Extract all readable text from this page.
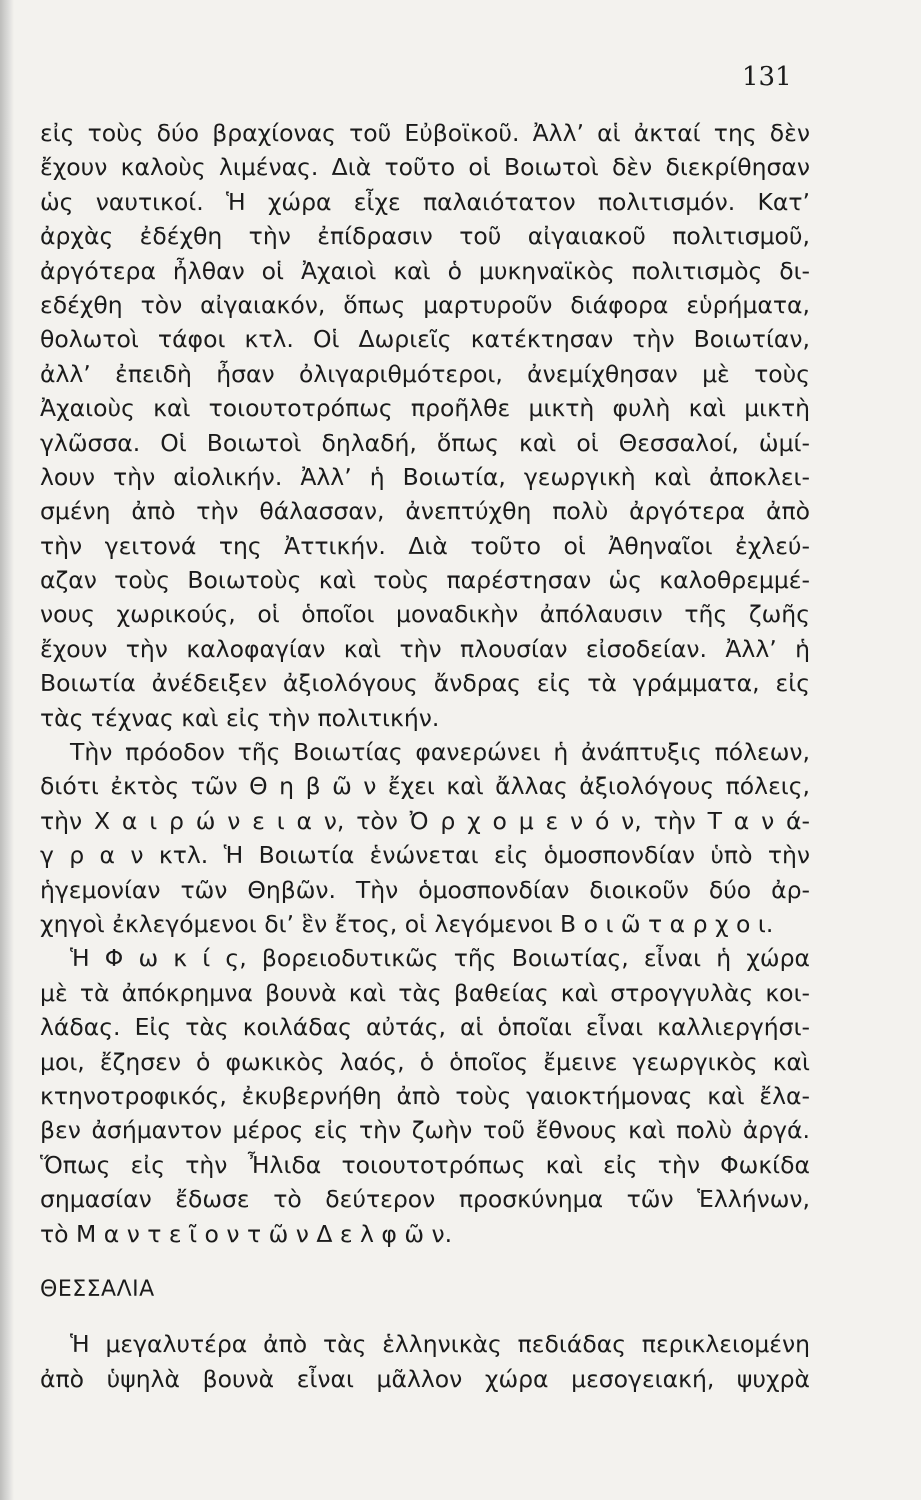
131
εἰς τοὺς δύο βραχίονας τοῦ Εὐβοϊκοῦ. Ἀλλʼ αἱ ἀκταί της δὲν
ἔχουν καλοὺς λιμένας. Διὰ τοῦτο οἱ Βοιωτοὶ δὲν διεκρίθησαν
ὡς ναυτικοί. Ἡ χώρα εἶχε παλαιότατον πολιτισμόν. Κατʼ
ἀρχὰς ἐδέχθη τὴν ἐπίδρασιν τοῦ αἰγαιακοῦ πολιτισμοῦ,
ἀργότερα ἦλθαν οἱ Ἀχαιοὶ καὶ ὁ μυκηναϊκὸς πολιτισμὸς δι-
εδέχθη τὸν αἰγαιακόν, ὅπως μαρτυροῦν διάφορα εὑρήματα,
θολωτοὶ τάφοι κτλ. Οἱ Δωριεῖς κατέκτησαν τὴν Βοιωτίαν,
ἀλλʼ ἐπειδὴ ἦσαν ὀλιγαριθμότεροι, ἀνεμίχθησαν μὲ τοὺς
Ἀχαιοὺς καὶ τοιουτοτρόπως προῆλθε μικτὴ φυλὴ καὶ μικτὴ
γλῶσσα. Οἱ Βοιωτοὶ δηλαδή, ὅπως καὶ οἱ Θεσσαλοί, ὡμί-
λουν τὴν αἰολικήν. Ἀλλʼ ἡ Βοιωτία, γεωργικὴ καὶ ἀποκλει-
σμένη ἀπὸ τὴν θάλασσαν, ἀνεπτύχθη πολὺ ἀργότερα ἀπὸ
τὴν γειτονά της Ἀττικήν. Διὰ τοῦτο οἱ Ἀθηναῖοι ἐχλεύ-
αζαν τοὺς Βοιωτοὺς καὶ τοὺς παρέστησαν ὡς καλοθρεμμέ-
νους χωρικούς, οἱ ὁποῖοι μοναδικὴν ἀπόλαυσιν τῆς ζωῆς
ἔχουν τὴν καλοφαγίαν καὶ τὴν πλουσίαν εἰσοδείαν. Ἀλλʼ ἡ
Βοιωτία ἀνέδειξεν ἀξιολόγους ἄνδρας εἰς τὰ γράμματα, εἰς
τὰς τέχνας καὶ εἰς τὴν πολιτικήν.
Τὴν πρόοδον τῆς Βοιωτίας φανερώνει ἡ ἀνάπτυξις πόλεων,
διότι ἐκτὸς τῶν Θ η β ῶ ν ἔχει καὶ ἄλλας ἀξιολόγους πόλεις,
τὴν Χ α ι ρ ώ ν ε ι α ν, τὸν Ὀ ρ χ ο μ ε ν ό ν, τὴν Τ α ν ά-
γ ρ α ν κτλ. Ἡ Βοιωτία ἑνώνεται εἰς ὁμοσπονδίαν ὑπὸ τὴν
ἡγεμονίαν τῶν Θηβῶν. Τὴν ὁμοσπονδίαν διοικοῦν δύο ἀρ-
χηγοὶ ἐκλεγόμενοι διʼ ἓν ἔτος, οἱ λεγόμενοι Β ο ι ῶ τ α ρ χ ο ι.
Ἡ Φ ω κ ί ς, βορειοδυτικῶς τῆς Βοιωτίας, εἶναι ἡ χώρα
μὲ τὰ ἀπόκρημνα βουνὰ καὶ τὰς βαθείας καὶ στρογγυλὰς κοι-
λάδας. Εἰς τὰς κοιλάδας αὐτάς, αἱ ὁποῖαι εἶναι καλλιεργήσι-
μοι, ἔζησεν ὁ φωκικὸς λαός, ὁ ὁποῖος ἔμεινε γεωργικὸς καὶ
κτηνοτροφικός, ἐκυβερνήθη ἀπὸ τοὺς γαιοκτήμονας καὶ ἔλα-
βεν ἀσήμαντον μέρος εἰς τὴν ζωὴν τοῦ ἔθνους καὶ πολὺ ἀργά.
Ὅπως εἰς τὴν Ἦλιδα τοιουτοτρόπως καὶ εἰς τὴν Φωκίδα
σημασίαν ἔδωσε τὸ δεύτερον προσκύνημα τῶν Ἑλλήνων,
τὸ Μ α ν τ ε ῖ ο ν τ ῶ ν Δ ε λ φ ῶ ν.
ΘΕΣΣΑΛΙΑ
Ἡ μεγαλυτέρα ἀπὸ τὰς ἑλληνικὰς πεδιάδας περικλειομένη
ἀπὸ ὑψηλὰ βουνὰ εἶναι μᾶλλον χώρα μεσογειακή, ψυχρὰ
